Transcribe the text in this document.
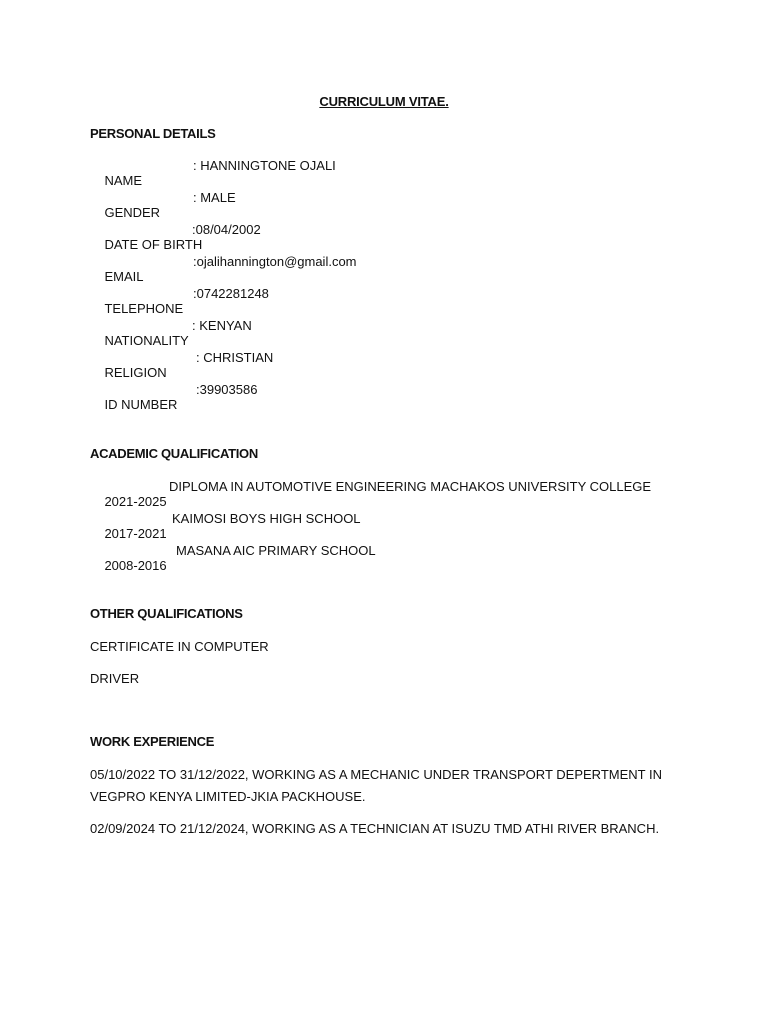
CURRICULUM VITAE.
PERSONAL DETAILS

NAME

: HANNINGTONE OJALI

GENDER

: MALE

DATE OF BIRTH

:08/04/2002

EMAIL

:ojalihannington@gmail.com

TELEPHONE

:0742281248

NATIONALITY

: KENYAN

RELIGION

: CHRISTIAN

ID NUMBER

:39903586

ACADEMIC QUALIFICATION

2021-2025

DIPLOMA IN AUTOMOTIVE ENGINEERING MACHAKOS UNIVERSITY COLLEGE

2017-2021

KAIMOSI BOYS HIGH SCHOOL

2008-2016

MASANA AIC PRIMARY SCHOOL

OTHER QUALIFICATIONS
CERTIFICATE IN COMPUTER
DRIVER
WORK EXPERIENCE
05/10/2022 TO 31/12/2022, WORKING AS A MECHANIC UNDER TRANSPORT DEPERTMENT IN VEGPRO KENYA LIMITED-JKIA PACKHOUSE.
02/09/2024 TO 21/12/2024, WORKING AS A TECHNICIAN AT ISUZU TMD ATHI RIVER BRANCH.
